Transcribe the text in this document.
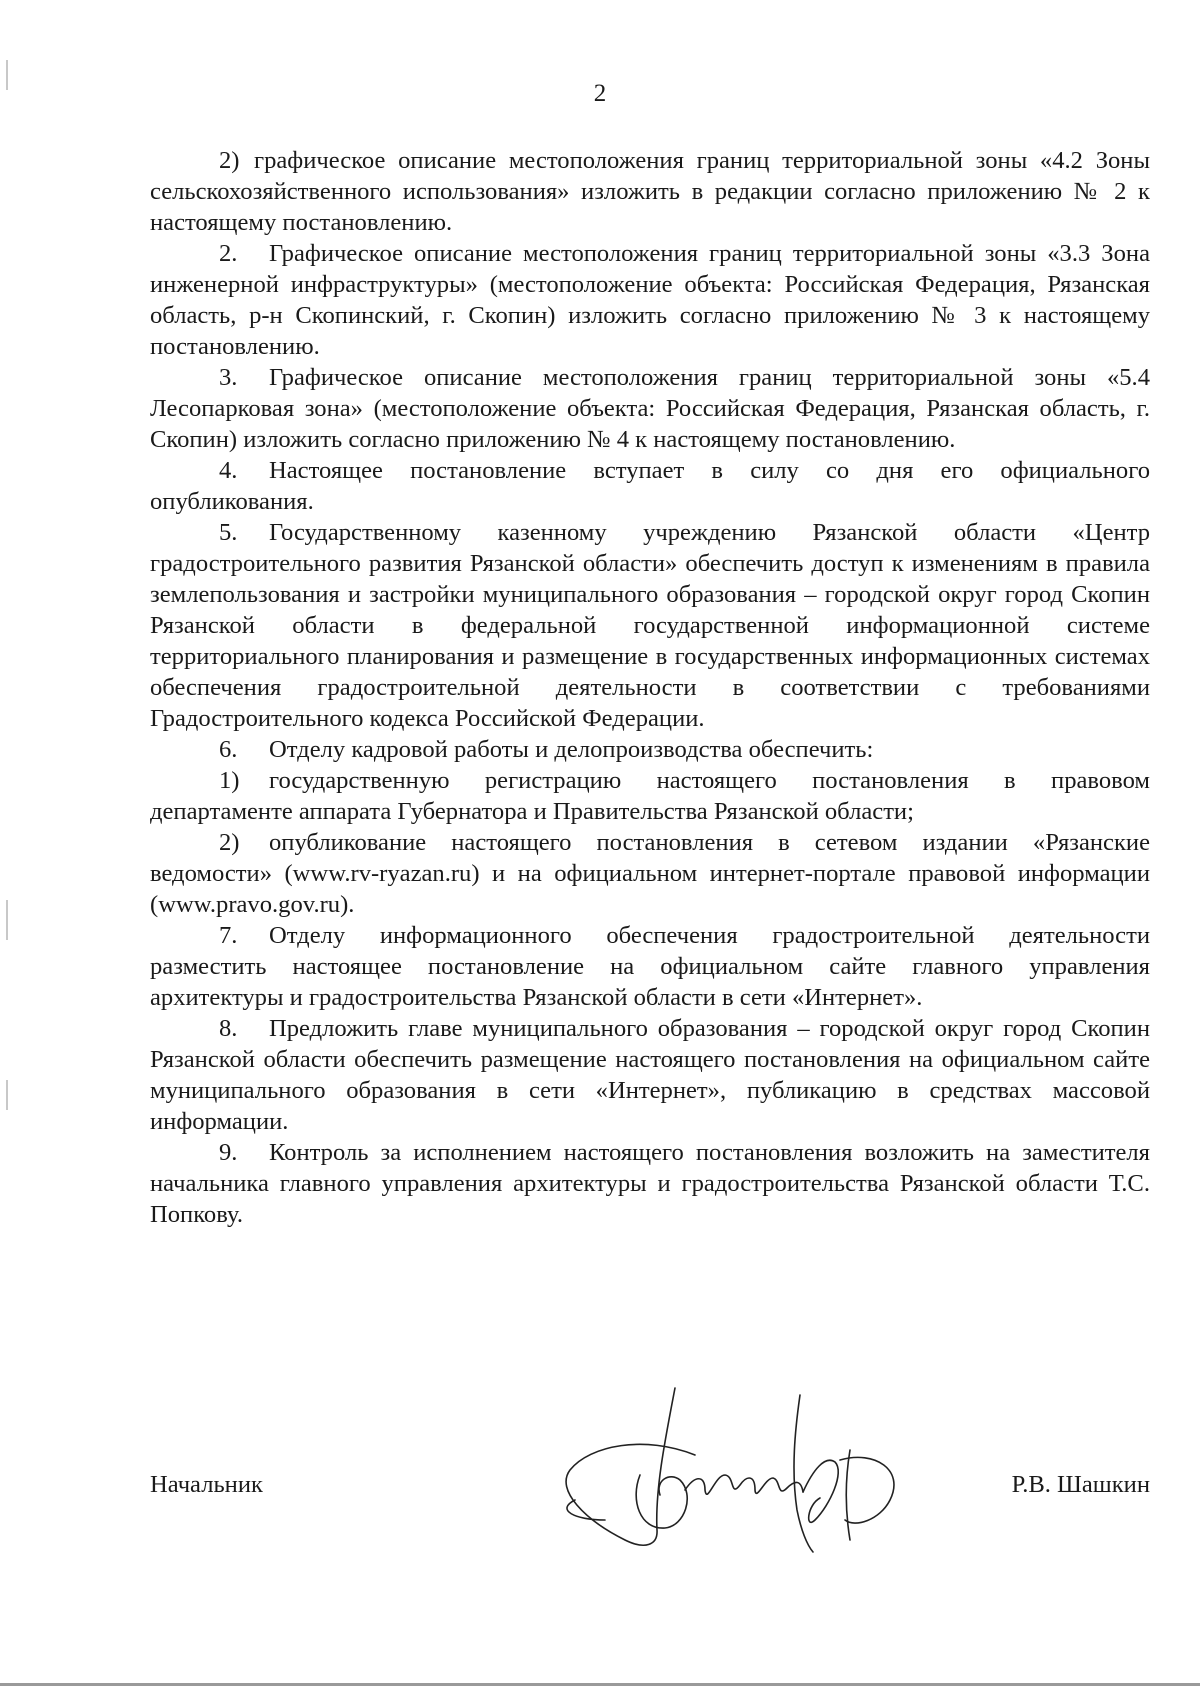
2

2) графическое описание местоположения границ территориальной зоны «4.2 Зоны сельскохозяйственного использования» изложить в редакции согласно приложению № 2 к настоящему постановлению.

2. Графическое описание местоположения границ территориальной зоны «3.3 Зона инженерной инфраструктуры» (местоположение объекта: Российская Федерация, Рязанская область, р-н Скопинский, г. Скопин) изложить согласно приложению № 3 к настоящему постановлению.

3. Графическое описание местоположения границ территориальной зоны «5.4 Лесопарковая зона» (местоположение объекта: Российская Федерация, Рязанская область, г. Скопин) изложить согласно приложению № 4 к настоящему постановлению.

4. Настоящее постановление вступает в силу со дня его официального опубликования.

5. Государственному казенному учреждению Рязанской области «Центр градостроительного развития Рязанской области» обеспечить доступ к изменениям в правила землепользования и застройки муниципального образования – городской округ город Скопин Рязанской области в федеральной государственной информационной системе территориального планирования и размещение в государственных информационных системах обеспечения градостроительной деятельности в соответствии с требованиями Градостроительного кодекса Российской Федерации.

6. Отделу кадровой работы и делопроизводства обеспечить:

1) государственную регистрацию настоящего постановления в правовом департаменте аппарата Губернатора и Правительства Рязанской области;

2) опубликование настоящего постановления в сетевом издании «Рязанские ведомости» (www.rv-ryazan.ru) и на официальном интернет-портале правовой информации (www.pravo.gov.ru).

7. Отделу информационного обеспечения градостроительной деятельности разместить настоящее постановление на официальном сайте главного управления архитектуры и градостроительства Рязанской области в сети «Интернет».

8. Предложить главе муниципального образования – городской округ город Скопин Рязанской области обеспечить размещение настоящего постановления на официальном сайте муниципального образования в сети «Интернет», публикацию в средствах массовой информации.

9. Контроль за исполнением настоящего постановления возложить на заместителя начальника главного управления архитектуры и градостроительства Рязанской области Т.С. Попкову.

Начальник	Р.В. Шашкин
